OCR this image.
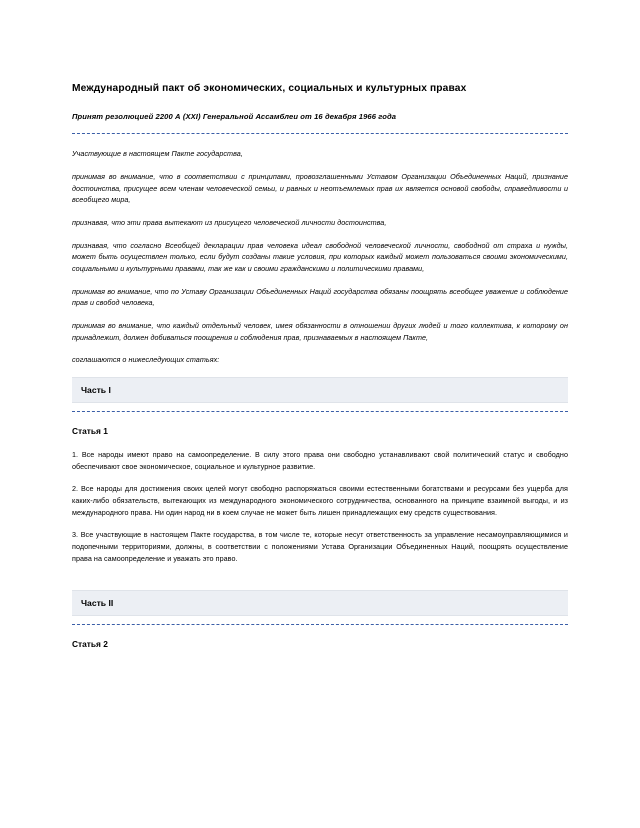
Международный пакт об экономических, социальных и культурных правах
Принят резолюцией 2200 А (XXI) Генеральной Ассамблеи от 16 декабря 1966 года

Участвующие в настоящем Пакте государства,

принимая во внимание, что в соответствии с принципами, провозглашенными Уставом Организации Объединенных Наций, признание достоинства, присущее всем членам человеческой семьи, и равных и неотъемлемых прав их является основой свободы, справедливости и всеобщего мира,

признавая, что эти права вытекают из присущего человеческой личности достоинства,

признавая, что согласно Всеобщей декларации прав человека идеал свободной человеческой личности, свободной от страха и нужды, может быть осуществлен только, если будут созданы такие условия, при которых каждый может пользоваться своими экономическими, социальными и культурными правами, так же как и своими гражданскими и политическими правами,

принимая во внимание, что по Уставу Организации Объединенных Наций государства обязаны поощрять всеобщее уважение и соблюдение прав и свобод человека,

принимая во внимание, что каждый отдельный человек, имея обязанности в отношении других людей и того коллектива, к которому он принадлежит, должен добиваться поощрения и соблюдения прав, признаваемых в настоящем Пакте,

соглашаются о нижеследующих статьях:

Часть I
Статья 1

1. Все народы имеют право на самоопределение. В силу этого права они свободно устанавливают свой политический статус и свободно обеспечивают свое экономическое, социальное и культурное развитие.

2. Все народы для достижения своих целей могут свободно распоряжаться своими естественными богатствами и ресурсами без ущерба для каких-либо обязательств, вытекающих из международного экономического сотрудничества, основанного на принципе взаимной выгоды, и из международного права. Ни один народ ни в коем случае не может быть лишен принадлежащих ему средств существования.

3. Все участвующие в настоящем Пакте государства, в том числе те, которые несут ответственность за управление несамоуправляющимися и подопечными территориями, должны, в соответствии с положениями Устава Организации Объединенных Наций, поощрять осуществление права на самоопределение и уважать это право.

Часть II
Статья 2
